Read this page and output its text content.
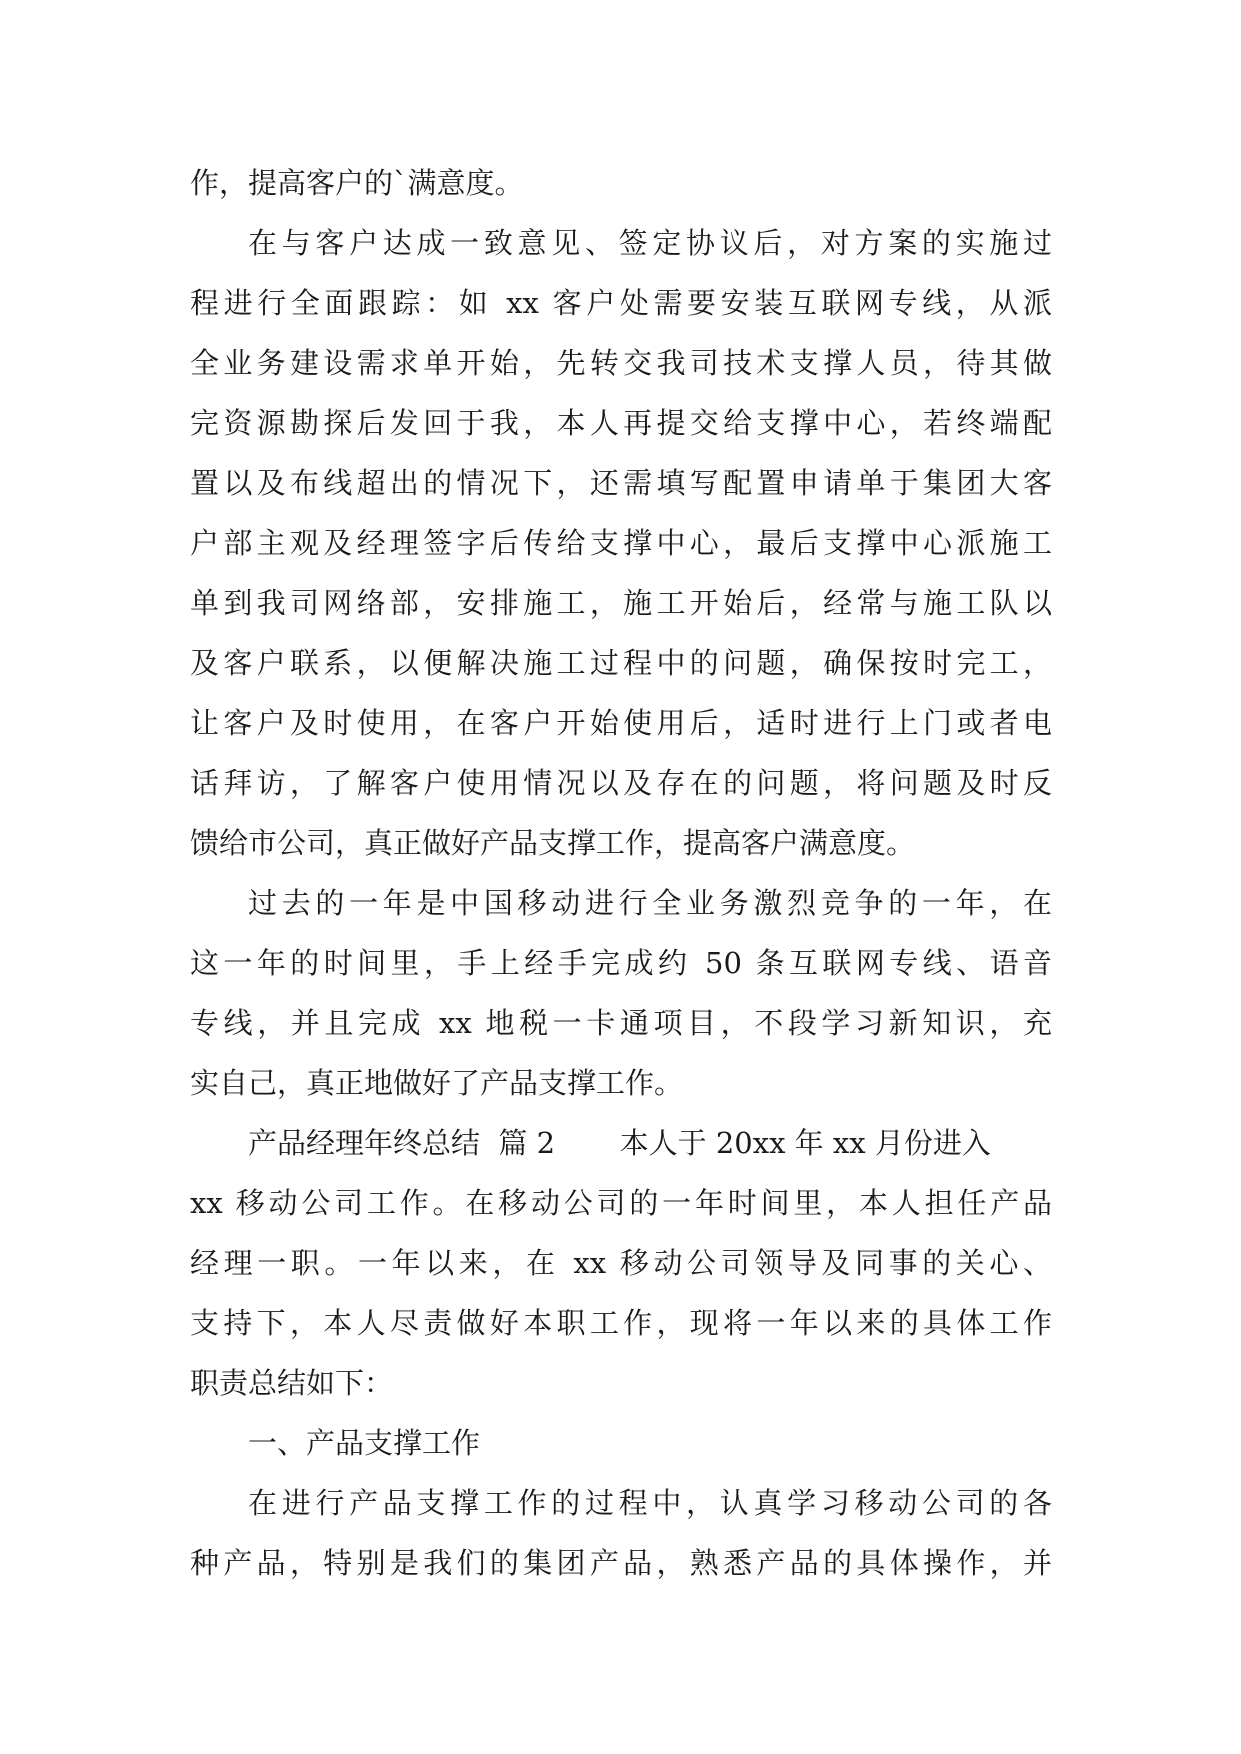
作，提高客户的`满意度。
在与客户达成一致意见、签定协议后，对方案的实施过
程进行全面跟踪：如 xx 客户处需要安装互联网专线，从派
全业务建设需求单开始，先转交我司技术支撑人员，待其做
完资源勘探后发回于我，本人再提交给支撑中心，若终端配
置以及布线超出的情况下，还需填写配置申请单于集团大客
户部主观及经理签字后传给支撑中心，最后支撑中心派施工
单到我司网络部，安排施工，施工开始后，经常与施工队以
及客户联系，以便解决施工过程中的问题，确保按时完工，
让客户及时使用，在客户开始使用后，适时进行上门或者电
话拜访，了解客户使用情况以及存在的问题，将问题及时反
馈给市公司，真正做好产品支撑工作，提高客户满意度。
过去的一年是中国移动进行全业务激烈竞争的一年，在
这一年的时间里，手上经手完成约 50 条互联网专线、语音
专线，并且完成 xx 地税一卡通项目，不段学习新知识，充
实自己，真正地做好了产品支撑工作。
产品经理年终总结  篇 2       本人于 20xx 年 xx 月份进入
xx 移动公司工作。在移动公司的一年时间里，本人担任产品
经理一职。一年以来，在 xx 移动公司领导及同事的关心、
支持下，本人尽责做好本职工作，现将一年以来的具体工作
职责总结如下：
一、产品支撑工作
在进行产品支撑工作的过程中，认真学习移动公司的各
种产品，特别是我们的集团产品，熟悉产品的具体操作，并
